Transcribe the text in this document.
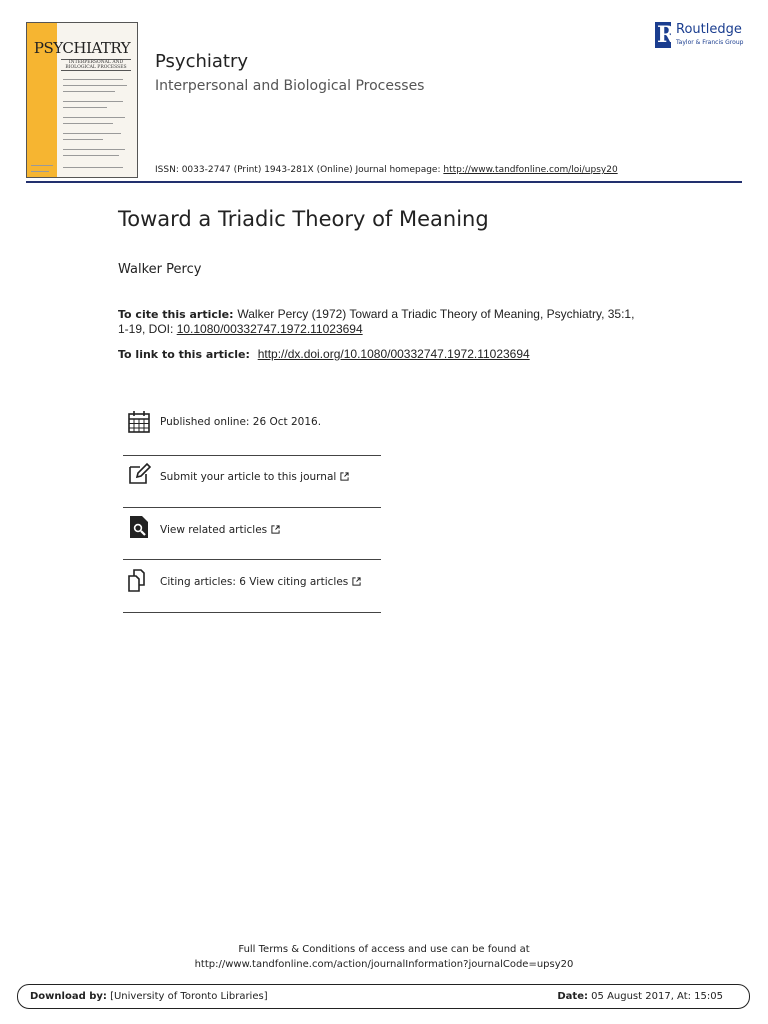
PSYCHIATRY
INTERPERSONAL AND BIOLOGICAL PROCESSES Psychiatry
Interpersonal and Biological Processes
ISSN: 0033-2747 (Print) 1943-281X (Online) Journal homepage: http://www.tandfonline.com/loi/upsy20
R Routledge
Taylor & Francis Group
Toward a Triadic Theory of Meaning
Walker Percy
To cite this article: Walker Percy (1972) Toward a Triadic Theory of Meaning, Psychiatry, 35:1, 1-19, DOI: 10.1080/00332747.1972.11023694
To link to this article: http://dx.doi.org/10.1080/00332747.1972.11023694
Published online: 26 Oct 2016.
Submit your article to this journal
View related articles
Citing articles: 6 View citing articles
Full Terms & Conditions of access and use can be found at
http://www.tandfonline.com/action/journalInformation?journalCode=upsy20
Download by: [University of Toronto Libraries]	Date: 05 August 2017, At: 15:05
